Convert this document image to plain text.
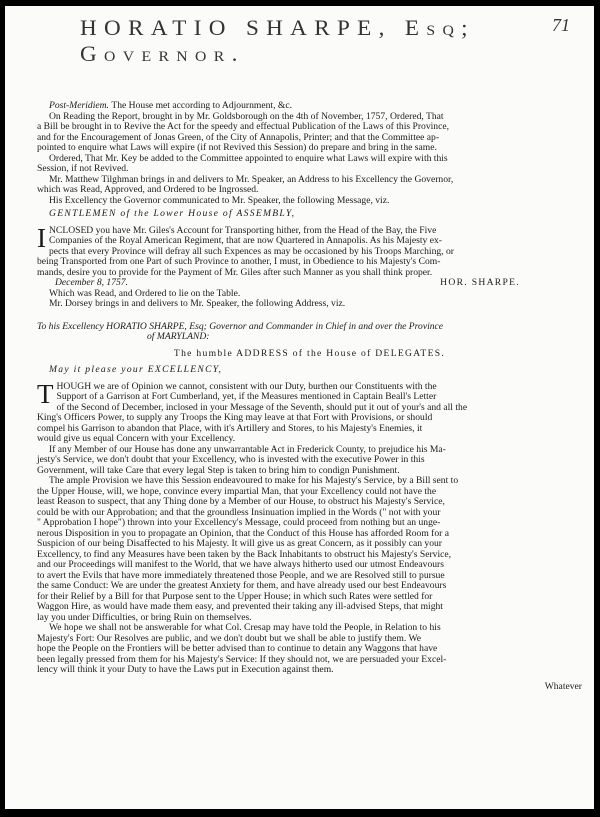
HORATIO SHARPE, Esq; Governor.
71

Post-Meridiem. The House met according to Adjournment, &c.

On Reading the Report, brought in by Mr. Goldsborough on the 4th of November, 1757, Ordered, That

a Bill be brought in to Revive the Act for the speedy and effectual Publication of the Laws of this Province,

and for the Encouragement of Jonas Green, of the City of Annapolis, Printer; and that the Committee ap-

pointed to enquire what Laws will expire (if not Revived this Session) do prepare and bring in the same.

Ordered, That Mr. Key be added to the Committee appointed to enquire what Laws will expire with this

Session, if not Revived.

Mr. Matthew Tilghman brings in and delivers to Mr. Speaker, an Address to his Excellency the Governor,

which was Read, Approved, and Ordered to be Ingrossed.

His Excellency the Governor communicated to Mr. Speaker, the following Message, viz.

GENTLEMEN of the Lower House of ASSEMBLY,

I NCLOSED you have Mr. Giles's Account for Transporting hither, from the Head of the Bay, the Five

Companies of the Royal American Regiment, that are now Quartered in Annapolis. As his Majesty ex-

pects that every Province will defray all such Expences as may be occasioned by his Troops Marching, or

being Transported from one Part of such Province to another, I must, in Obedience to his Majesty's Com-

mands, desire you to provide for the Payment of Mr. Giles after such Manner as you shall think proper.

December 8, 1757.	HOR. SHARPE.

Which was Read, and Ordered to lie on the Table.

Mr. Dorsey brings in and delivers to Mr. Speaker, the following Address, viz.

To his Excellency HORATIO SHARPE, Esq; Governor and Commander in Chief in and over the Province

of MARYLAND:

The humble ADDRESS of the House of DELEGATES.

May it please your EXCELLENCY,

T HOUGH we are of Opinion we cannot, consistent with our Duty, burthen our Constituents with the

Support of a Garrison at Fort Cumberland, yet, if the Measures mentioned in Captain Beall's Letter

of the Second of December, inclosed in your Message of the Seventh, should put it out of your's and all the

King's Officers Power, to supply any Troops the King may leave at that Fort with Provisions, or should

compel his Garrison to abandon that Place, with it's Artillery and Stores, to his Majesty's Enemies, it

would give us equal Concern with your Excellency.

If any Member of our House has done any unwarrantable Act in Frederick County, to prejudice his Ma-

jesty's Service, we don't doubt that your Excellency, who is invested with the executive Power in this

Government, will take Care that every legal Step is taken to bring him to condign Punishment.

The ample Provision we have this Session endeavoured to make for his Majesty's Service, by a Bill sent to

the Upper House, will, we hope, convince every impartial Man, that your Excellency could not have the

least Reason to suspect, that any Thing done by a Member of our House, to obstruct his Majesty's Service,

could be with our Approbation; and that the groundless Insinuation implied in the Words (" not with your

" Approbation I hope") thrown into your Excellency's Message, could proceed from nothing but an unge-

nerous Disposition in you to propagate an Opinion, that the Conduct of this House has afforded Room for a

Suspicion of our being Disaffected to his Majesty. It will give us as great Concern, as it possibly can your

Excellency, to find any Measures have been taken by the Back Inhabitants to obstruct his Majesty's Service,

and our Proceedings will manifest to the World, that we have always hitherto used our utmost Endeavours

to avert the Evils that have more immediately threatened those People, and we are Resolved still to pursue

the same Conduct: We are under the greatest Anxiety for them, and have already used our best Endeavours

for their Relief by a Bill for that Purpose sent to the Upper House; in which such Rates were settled for

Waggon Hire, as would have made them easy, and prevented their taking any ill-advised Steps, that might

lay you under Difficulties, or bring Ruin on themselves.

We hope we shall not be answerable for what Col. Cresap may have told the People, in Relation to his

Majesty's Fort: Our Resolves are public, and we don't doubt but we shall be able to justify them. We

hope the People on the Frontiers will be better advised than to continue to detain any Waggons that have

been legally pressed from them for his Majesty's Service: If they should not, we are persuaded your Excel-

lency will think it your Duty to have the Laws put in Execution against them.

Whatever
